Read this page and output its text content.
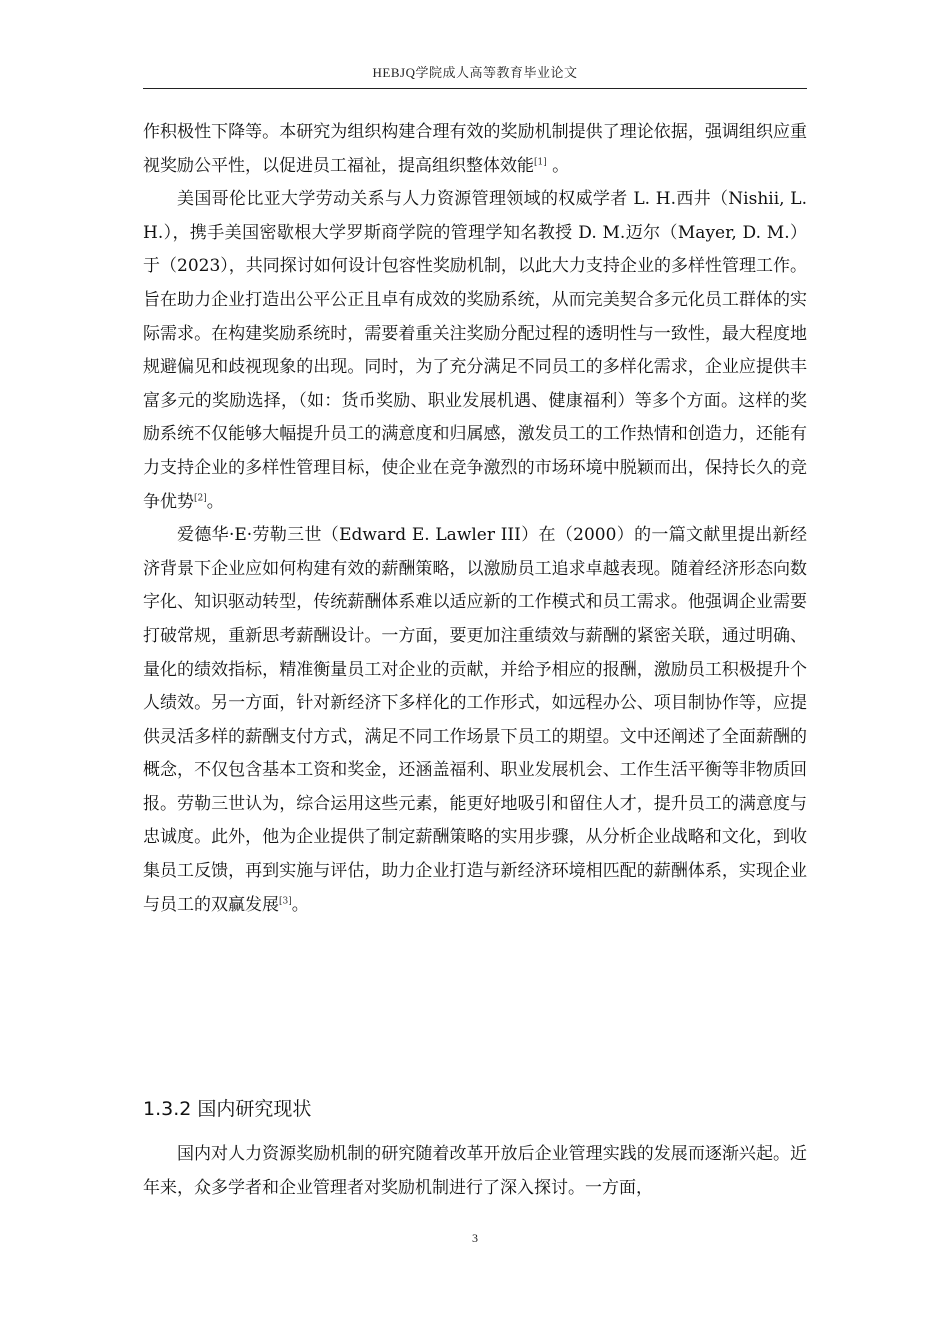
HEBJQ学院成人高等教育毕业论文

作积极性下降等。本研究为组织构建合理有效的奖励机制提供了理论依据，强调组织应重视奖励公平性，以促进员工福祉，提高组织整体效能[1] 。

美国哥伦比亚大学劳动关系与人力资源管理领域的权威学者 L. H.西井（Nishii, L. H.），携手美国密歇根大学罗斯商学院的管理学知名教授 D. M.迈尔（Mayer, D. M.）于（2023），共同探讨如何设计包容性奖励机制，以此大力支持企业的多样性管理工作。旨在助力企业打造出公平公正且卓有成效的奖励系统，从而完美契合多元化员工群体的实际需求。在构建奖励系统时，需要着重关注奖励分配过程的透明性与一致性，最大程度地规避偏见和歧视现象的出现。同时，为了充分满足不同员工的多样化需求，企业应提供丰富多元的奖励选择，（如：货币奖励、职业发展机遇、健康福利）等多个方面。这样的奖励系统不仅能够大幅提升员工的满意度和归属感，激发员工的工作热情和创造力，还能有力支持企业的多样性管理目标，使企业在竞争激烈的市场环境中脱颖而出，保持长久的竞争优势[2]。

爱德华·E·劳勒三世（Edward E. Lawler III）在（2000）的一篇文献里提出新经济背景下企业应如何构建有效的薪酬策略，以激励员工追求卓越表现。随着经济形态向数字化、知识驱动转型，传统薪酬体系难以适应新的工作模式和员工需求。他强调企业需要打破常规，重新思考薪酬设计。一方面，要更加注重绩效与薪酬的紧密关联，通过明确、量化的绩效指标，精准衡量员工对企业的贡献，并给予相应的报酬，激励员工积极提升个人绩效。另一方面，针对新经济下多样化的工作形式，如远程办公、项目制协作等，应提供灵活多样的薪酬支付方式，满足不同工作场景下员工的期望。文中还阐述了全面薪酬的概念，不仅包含基本工资和奖金，还涵盖福利、职业发展机会、工作生活平衡等非物质回报。劳勒三世认为，综合运用这些元素，能更好地吸引和留住人才，提升员工的满意度与忠诚度。此外，他为企业提供了制定薪酬策略的实用步骤，从分析企业战略和文化，到收集员工反馈，再到实施与评估，助力企业打造与新经济环境相匹配的薪酬体系，实现企业与员工的双赢发展[3]。

1.3.2 国内研究现状

国内对人力资源奖励机制的研究随着改革开放后企业管理实践的发展而逐渐兴起。近年来，众多学者和企业管理者对奖励机制进行了深入探讨。一方面，

3
